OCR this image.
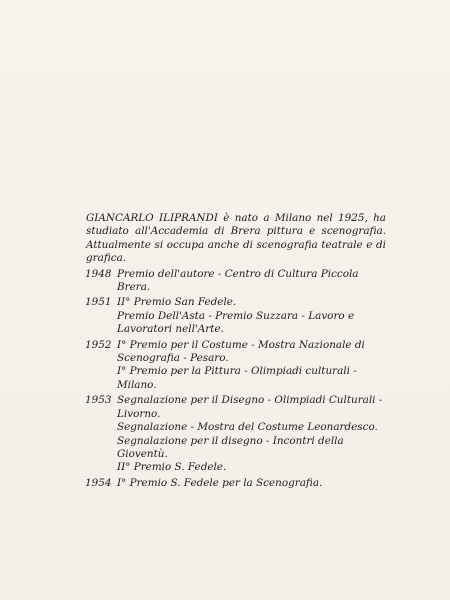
GIANCARLO ILIPRANDI è nato a Milano nel 1925, ha studiato all'Accademia di Brera pittura e scenografia. Attualmente si occupa anche di scenografia teatrale e di grafica.

1948 Premio dell'autore - Centro di Cultura Piccola Brera.
1951 II° Premio San Fedele.
Premio Dell'Asta - Premio Suzzara - Lavoro e Lavoratori nell'Arte.
1952 I° Premio per il Costume - Mostra Nazionale di Scenografia - Pesaro.
I° Premio per la Pittura - Olimpiadi culturali - Milano.
1953 Segnalazione per il Disegno - Olimpiadi Culturali - Livorno.
Segnalazione - Mostra del Costume Leonardesco.
Segnalazione per il disegno - Incontri della Gioventù.
II° Premio S. Fedele.
1954 I° Premio S. Fedele per la Scenografia.
